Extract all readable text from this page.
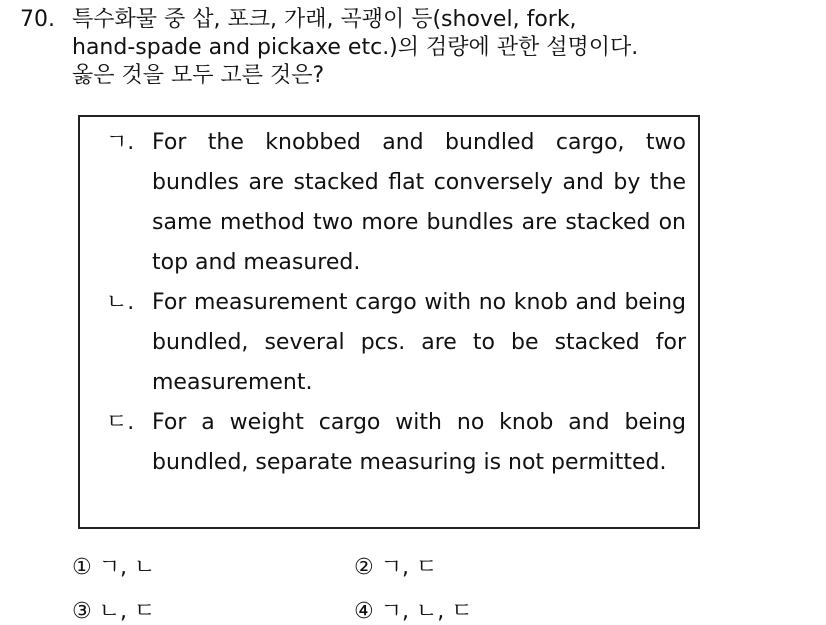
70. 특수화물 중 삽, 포크, 가래, 곡괭이 등(shovel, fork,
hand-spade and pickaxe etc.)의 검량에 관한 설명이다.
옳은 것을 모두 고른 것은?
ㄱ. For the knobbed and bundled cargo, two bundles are stacked flat conversely and by the same method two more bundles are stacked on top and measured.
ㄴ. For measurement cargo with no knob and being bundled, several pcs. are to be stacked for measurement.
ㄷ. For a weight cargo with no knob and being bundled, separate measuring is not permitted.
① ㄱ, ㄴ	② ㄱ, ㄷ
③ ㄴ, ㄷ	④ ㄱ, ㄴ, ㄷ
